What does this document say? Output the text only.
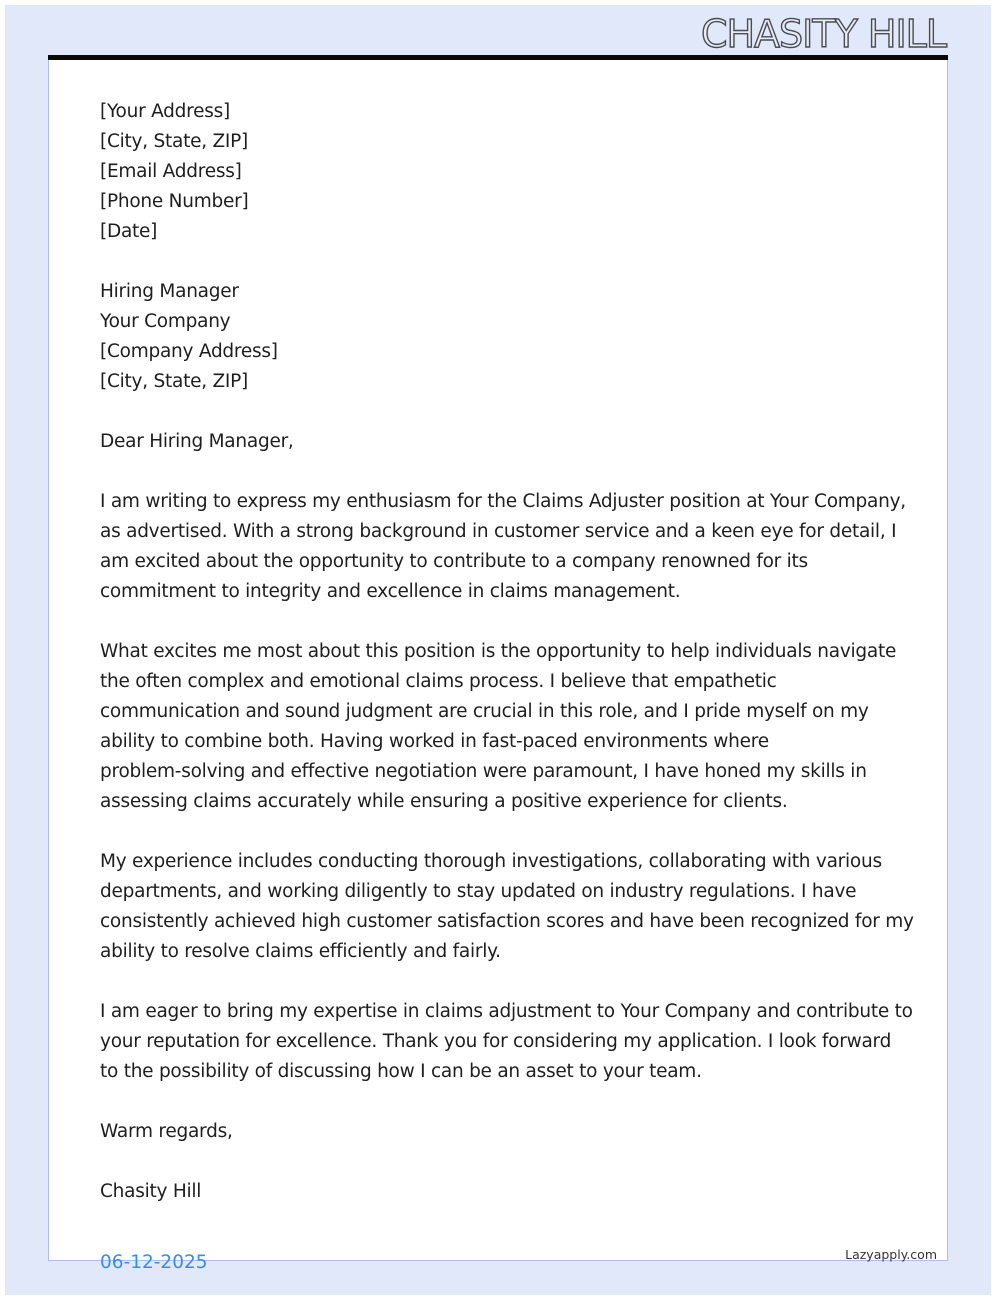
CHASITY HILL
[Your Address]
[City, State, ZIP]
[Email Address]
[Phone Number]
[Date]
Hiring Manager
Your Company
[Company Address]
[City, State, ZIP]
Dear Hiring Manager,

I am writing to express my enthusiasm for the Claims Adjuster position at Your Company,
as advertised. With a strong background in customer service and a keen eye for detail, I
am excited about the opportunity to contribute to a company renowned for its
commitment to integrity and excellence in claims management.

What excites me most about this position is the opportunity to help individuals navigate
the often complex and emotional claims process. I believe that empathetic
communication and sound judgment are crucial in this role, and I pride myself on my
ability to combine both. Having worked in fast-paced environments where
problem-solving and effective negotiation were paramount, I have honed my skills in
assessing claims accurately while ensuring a positive experience for clients.

My experience includes conducting thorough investigations, collaborating with various
departments, and working diligently to stay updated on industry regulations. I have
consistently achieved high customer satisfaction scores and have been recognized for my
ability to resolve claims efficiently and fairly.

I am eager to bring my expertise in claims adjustment to Your Company and contribute to
your reputation for excellence. Thank you for considering my application. I look forward
to the possibility of discussing how I can be an asset to your team.

Warm regards,
Chasity Hill
06-12-2025	Lazyapply.com
